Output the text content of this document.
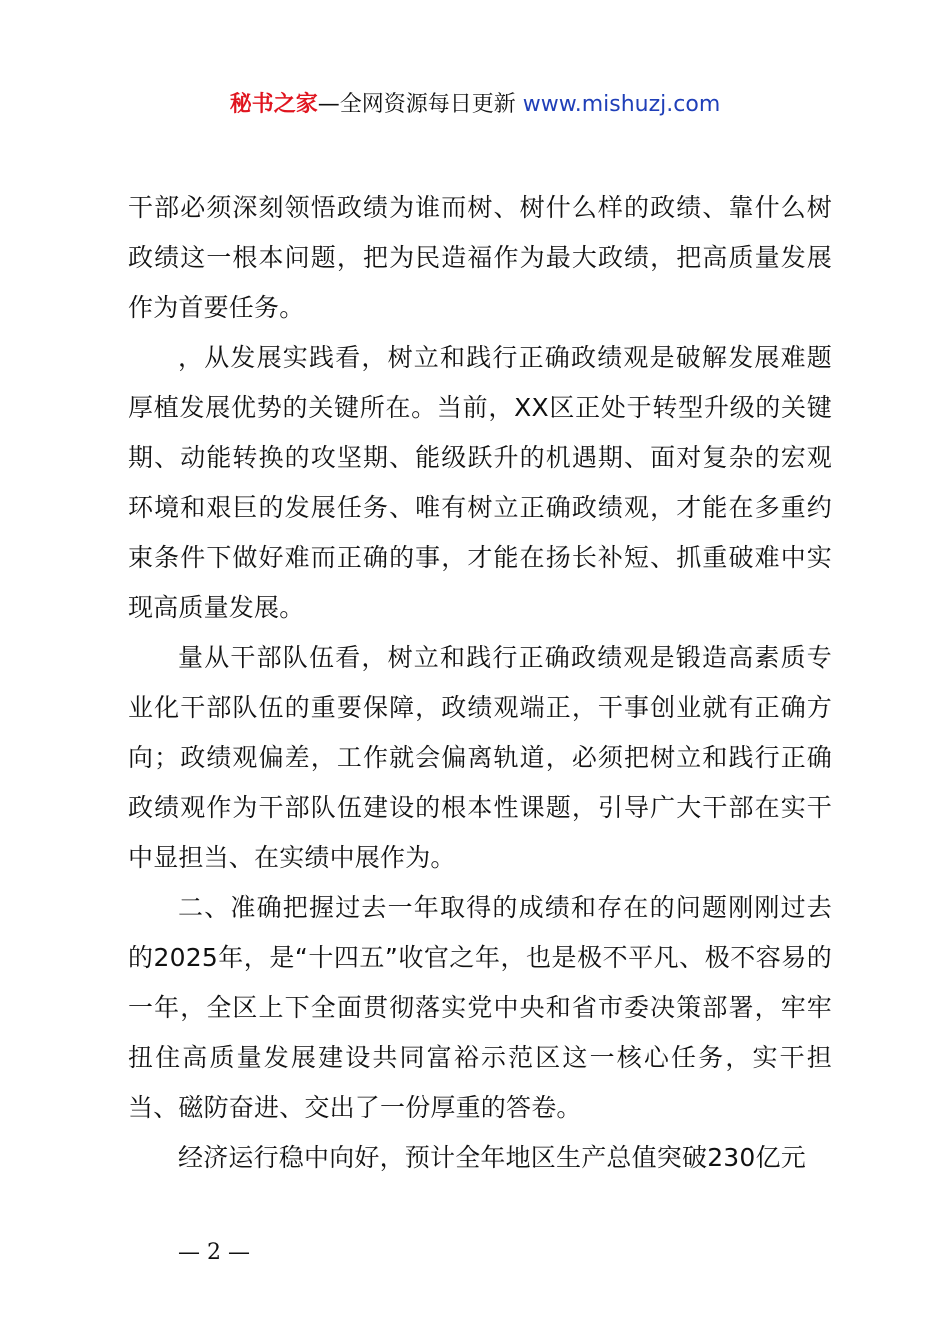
秘书之家—全网资源每日更新 www.mishuzj.com

干部必须深刻领悟政绩为谁而树、树什么样的政绩、靠什么树政绩这一根本问题，把为民造福作为最大政绩，把高质量发展作为首要任务。

，从发展实践看，树立和践行正确政绩观是破解发展难题厚植发展优势的关键所在。当前，XX区正处于转型升级的关键期、动能转换的攻坚期、能级跃升的机遇期、面对复杂的宏观环境和艰巨的发展任务、唯有树立正确政绩观，才能在多重约束条件下做好难而正确的事，才能在扬长补短、抓重破难中实现高质量发展。

量从干部队伍看，树立和践行正确政绩观是锻造高素质专业化干部队伍的重要保障，政绩观端正，干事创业就有正确方向；政绩观偏差，工作就会偏离轨道，必须把树立和践行正确政绩观作为干部队伍建设的根本性课题，引导广大干部在实干中显担当、在实绩中展作为。

二、准确把握过去一年取得的成绩和存在的问题刚刚过去的2025年，是“十四五”收官之年，也是极不平凡、极不容易的一年，全区上下全面贯彻落实党中央和省市委决策部署，牢牢扭住高质量发展建设共同富裕示范区这一核心任务，实干担当、磁防奋进、交出了一份厚重的答卷。

经济运行稳中向好，预计全年地区生产总值突破230亿元

— 2 —
